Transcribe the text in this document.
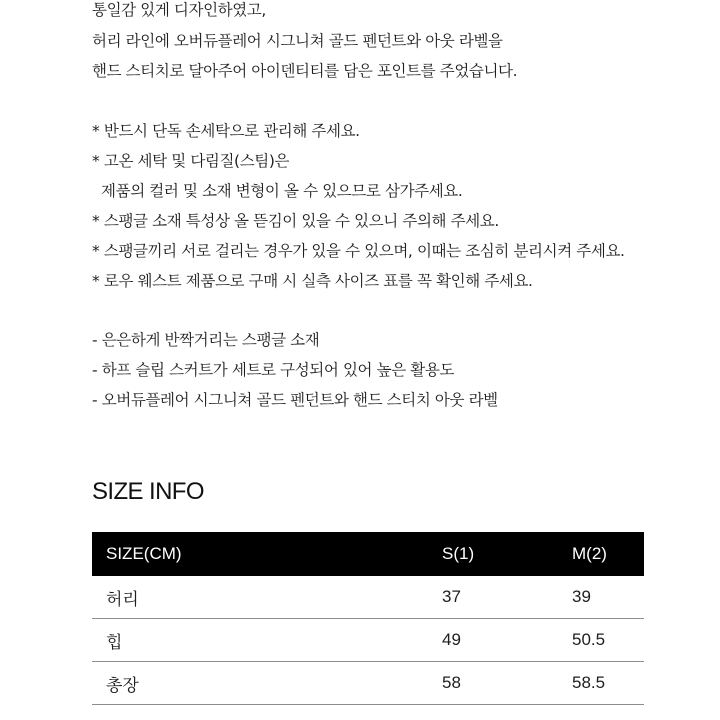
통일감 있게 디자인하였고,
허리 라인에 오버듀플레어 시그니쳐 골드 펜던트와 아웃 라벨을
핸드 스티치로 달아주어 아이덴티티를 담은 포인트를 주었습니다.
* 반드시 단독 손세탁으로 관리해 주세요.
* 고온 세탁 및 다림질(스팀)은
제품의 컬러 및 소재 변형이 올 수 있으므로 삼가주세요.
* 스팽글 소재 특성상 올 뜯김이 있을 수 있으니 주의해 주세요.
* 스팽글끼리 서로 걸리는 경우가 있을 수 있으며, 이때는 조심히 분리시켜 주세요.
* 로우 웨스트 제품으로 구매 시 실측 사이즈 표를 꼭 확인해 주세요.
- 은은하게 반짝거리는 스팽글 소재
- 하프 슬립 스커트가 세트로 구성되어 있어 높은 활용도
- 오버듀플레어 시그니쳐 골드 펜던트와 핸드 스티치 아웃 라벨
SIZE INFO
SIZE(CM)	S(1)	M(2)
허리	37	39
힙	49	50.5
총장	58	58.5
